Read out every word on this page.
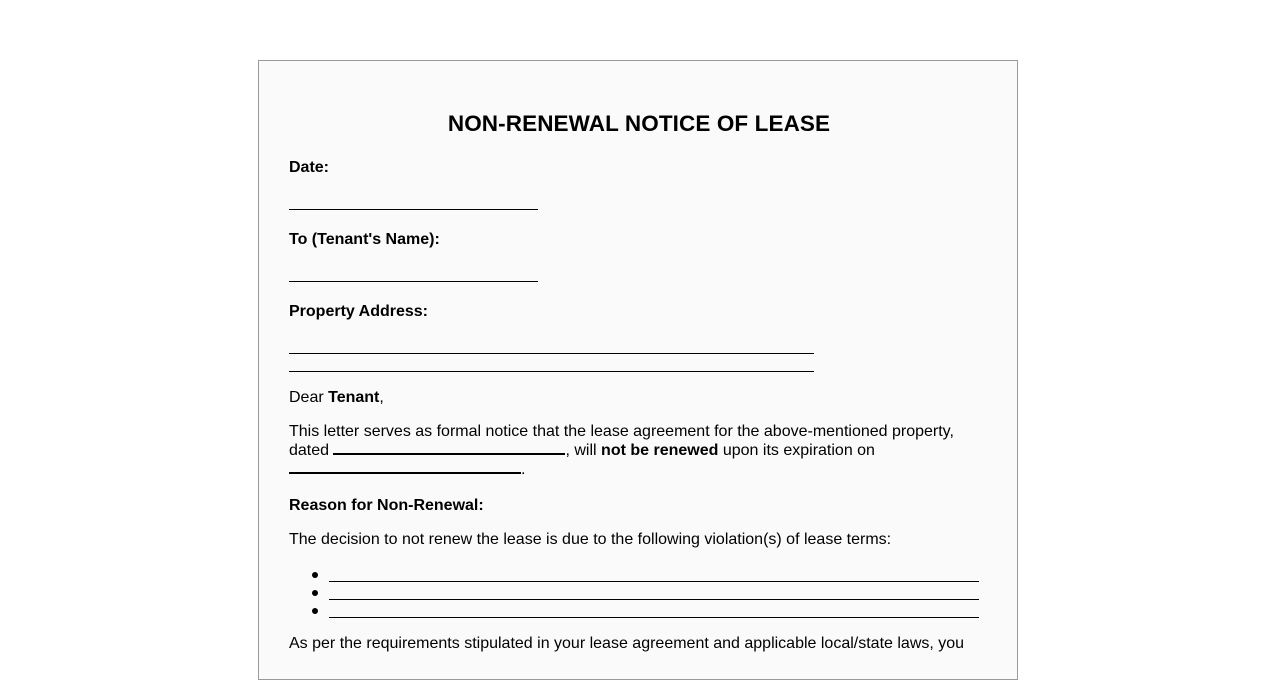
NON-RENEWAL NOTICE OF LEASE
Date:
To (Tenant's Name):
Property Address:
Dear Tenant,
This letter serves as formal notice that the lease agreement for the above-mentioned property, dated	, will not be renewed upon its expiration on
.
Reason for Non-Renewal:
The decision to not renew the lease is due to the following violation(s) of lease terms:
As per the requirements stipulated in your lease agreement and applicable local/state laws, you
